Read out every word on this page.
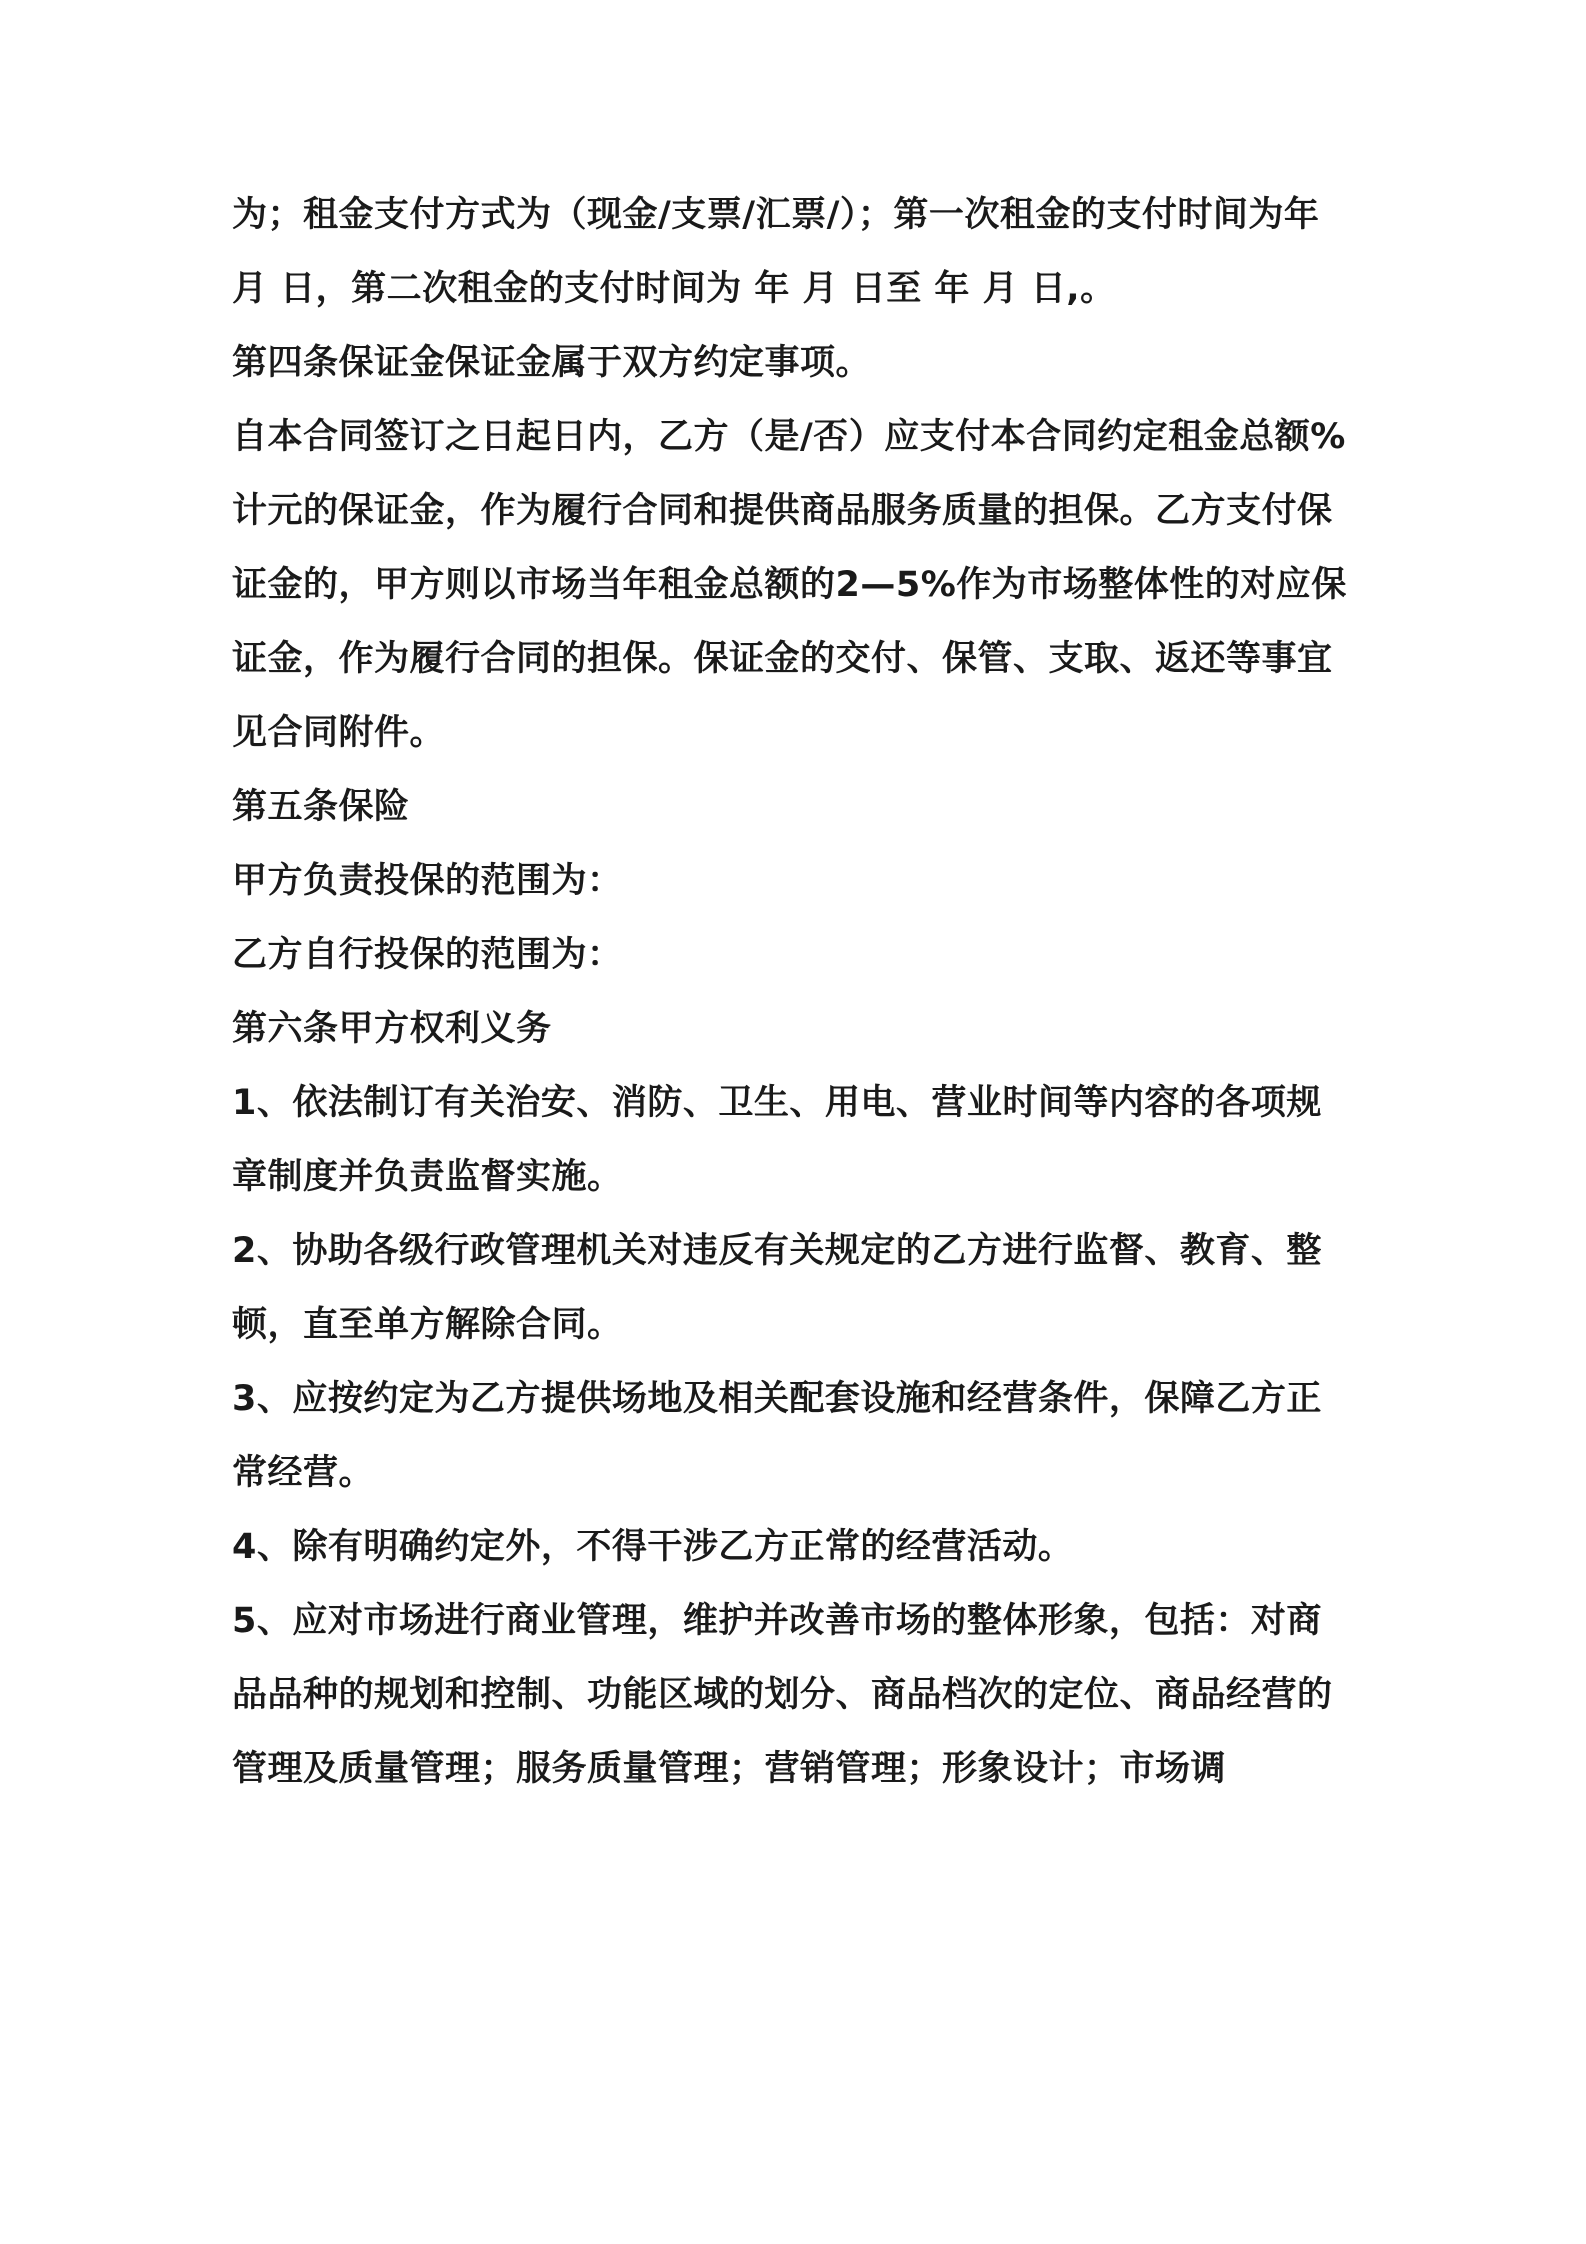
为；租金支付方式为（现金/支票/汇票/）；第一次租金的支付时间为年 月 日，第二次租金的支付时间为 年 月 日至 年 月 日,。

第四条保证金保证金属于双方约定事项。

自本合同签订之日起日内，乙方（是/否）应支付本合同约定租金总额%计元的保证金，作为履行合同和提供商品服务质量的担保。乙方支付保证金的，甲方则以市场当年租金总额的2—5%作为市场整体性的对应保证金，作为履行合同的担保。保证金的交付、保管、支取、返还等事宜见合同附件。

第五条保险

甲方负责投保的范围为：

乙方自行投保的范围为：

第六条甲方权利义务

1、依法制订有关治安、消防、卫生、用电、营业时间等内容的各项规章制度并负责监督实施。

2、协助各级行政管理机关对违反有关规定的乙方进行监督、教育、整顿，直至单方解除合同。

3、应按约定为乙方提供场地及相关配套设施和经营条件，保障乙方正常经营。

4、除有明确约定外，不得干涉乙方正常的经营活动。

5、应对市场进行商业管理，维护并改善市场的整体形象，包括：对商品品种的规划和控制、功能区域的划分、商品档次的定位、商品经营的管理及质量管理；服务质量管理；营销管理；形象设计；市场调
